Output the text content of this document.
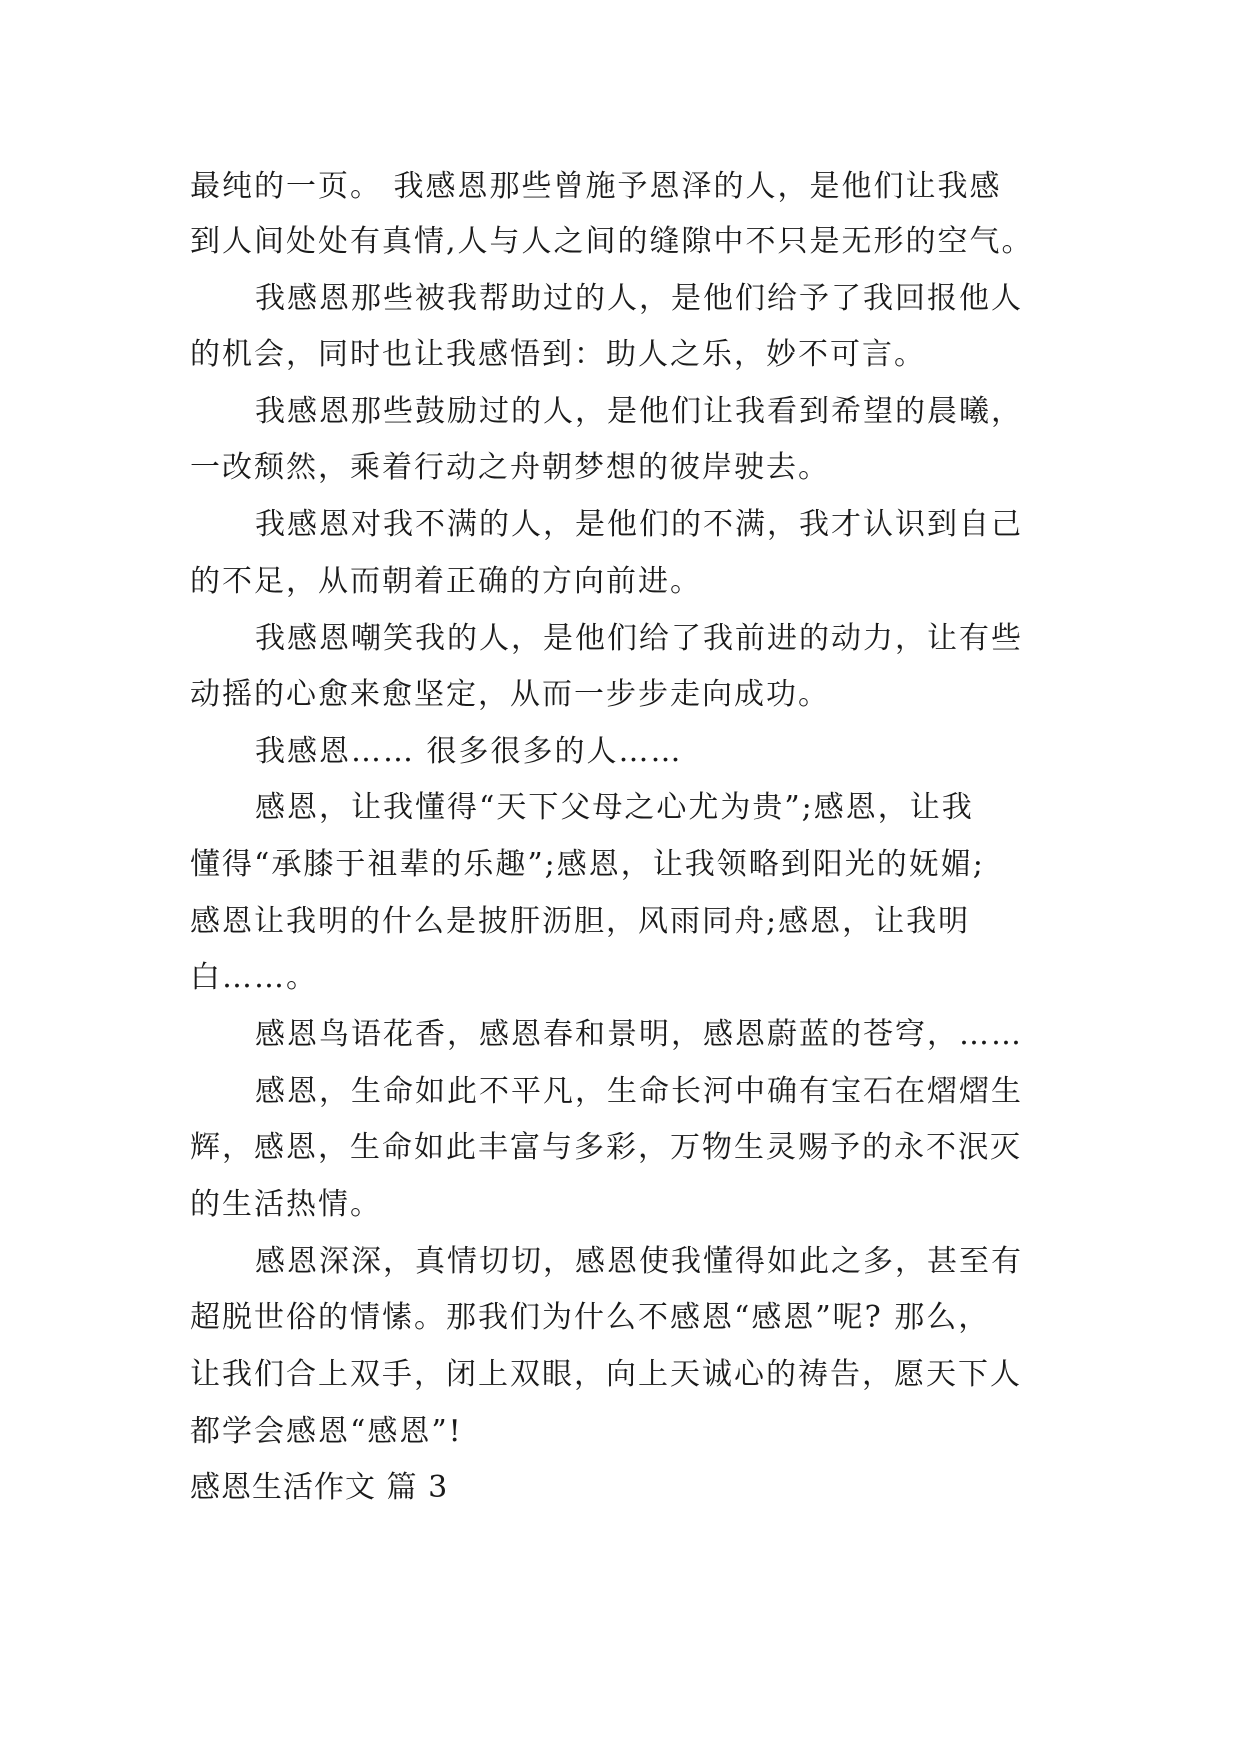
最纯的一页。 我感恩那些曾施予恩泽的人，是他们让我感
到人间处处有真情,人与人之间的缝隙中不只是无形的空气。
我感恩那些被我帮助过的人，是他们给予了我回报他人
的机会，同时也让我感悟到：助人之乐，妙不可言。
我感恩那些鼓励过的人，是他们让我看到希望的晨曦，
一改颓然，乘着行动之舟朝梦想的彼岸驶去。
我感恩对我不满的人，是他们的不满，我才认识到自己
的不足，从而朝着正确的方向前进。
我感恩嘲笑我的人，是他们给了我前进的动力，让有些
动摇的心愈来愈坚定，从而一步步走向成功。
我感恩…… 很多很多的人……
感恩，让我懂得“天下父母之心尤为贵”;感恩，让我
懂得“承膝于祖辈的乐趣”;感恩，让我领略到阳光的妩媚;
感恩让我明的什么是披肝沥胆，风雨同舟;感恩，让我明
白……。
感恩鸟语花香，感恩春和景明，感恩蔚蓝的苍穹，……
感恩，生命如此不平凡，生命长河中确有宝石在熠熠生
辉，感恩，生命如此丰富与多彩，万物生灵赐予的永不泯灭
的生活热情。
感恩深深，真情切切，感恩使我懂得如此之多，甚至有
超脱世俗的情愫。那我们为什么不感恩“感恩”呢? 那么，
让我们合上双手，闭上双眼，向上天诚心的祷告，愿天下人
都学会感恩“感恩”!
感恩生活作文 篇 3
